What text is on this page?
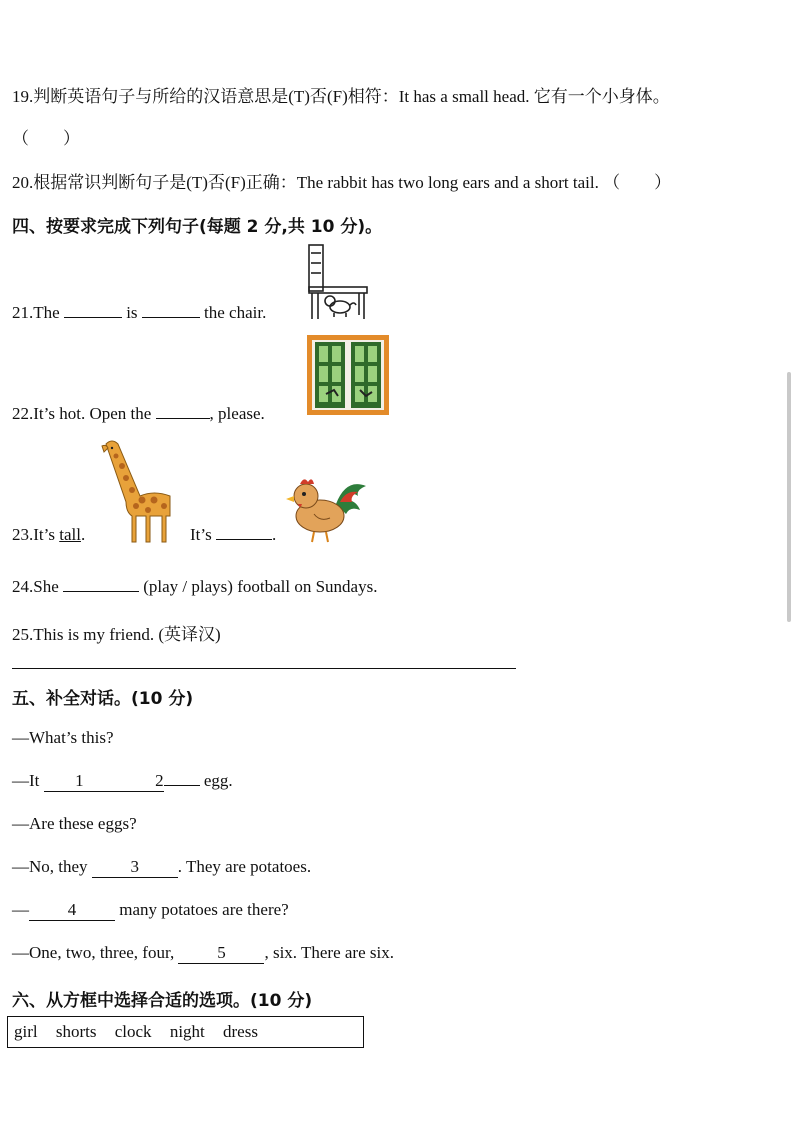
19.判断英语句子与所给的汉语意思是(T)否(F)相符：It has a small head. 它有一个小身体。
（　　）
20.根据常识判断句子是(T)否(F)正确：The rabbit has two long ears and a short tail. （　　）
四、按要求完成下列句子(每题 2 分,共 10 分)。
21.The	is	the chair.
22.It’s hot. Open the	, please.
23.It’s tall.	It’s	.
24.She	(play / plays) football on Sundays.
25.This is my friend. (英译汉)
五、补全对话。(10 分)
—What’s this?
—It 1	2 egg.
—Are these eggs?
—No, they	3 . They are potatoes.
— 4	many potatoes are there?
—One, two, three, four,	5 , six. There are six.
六、从方框中选择合适的选项。(10 分)
girl shorts clock night dress
